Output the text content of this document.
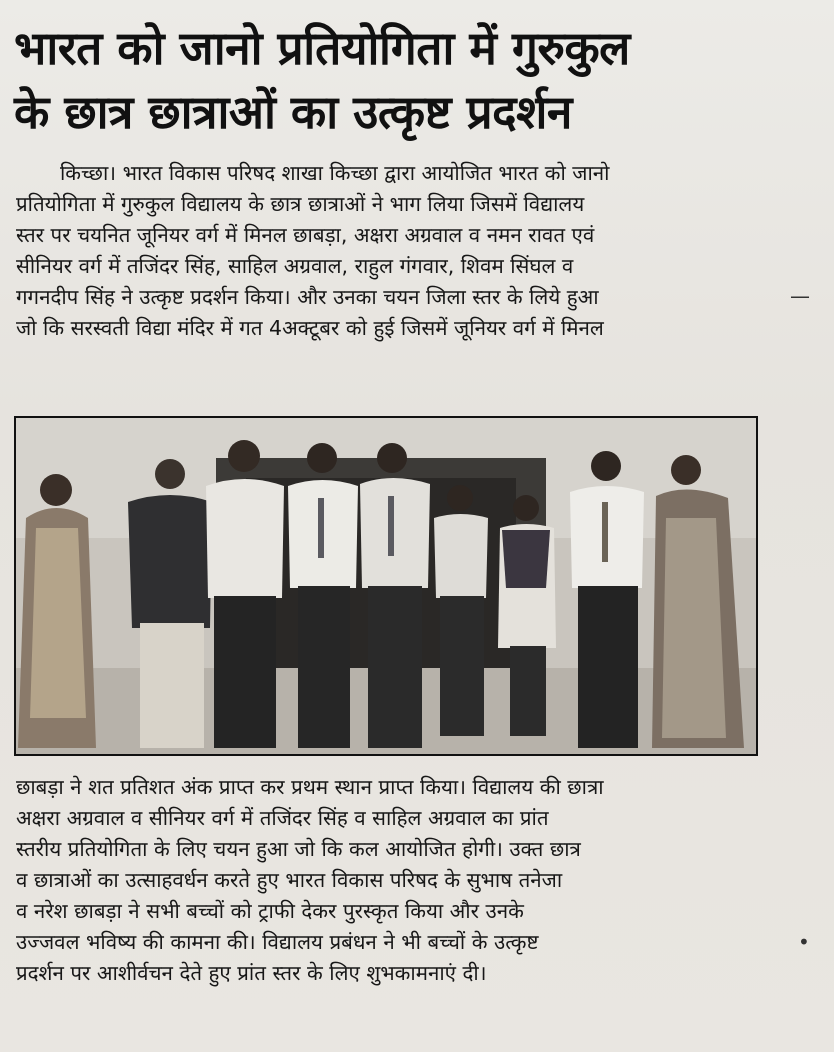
भारत को जानो प्रतियोगिता में गुरुकुल
के छात्र छात्राओं का उत्कृष्ट प्रदर्शन
किच्छा। भारत विकास परिषद शाखा किच्छा द्वारा आयोजित भारत को जानो
प्रतियोगिता में गुरुकुल विद्यालय के छात्र छात्राओं ने भाग लिया जिसमें विद्यालय
स्तर पर चयनित जूनियर वर्ग में मिनल छाबड़ा, अक्षरा अग्रवाल व नमन रावत एवं
सीनियर वर्ग में तजिंदर सिंह, साहिल अग्रवाल, राहुल गंगवार, शिवम सिंघल व
गगनदीप सिंह ने उत्कृष्ट प्रदर्शन किया। और उनका चयन जिला स्तर के लिये हुआ
जो कि सरस्वती विद्या मंदिर में गत 4अक्टूबर को हुई जिसमें जूनियर वर्ग में मिनल
छाबड़ा ने शत प्रतिशत अंक प्राप्त कर प्रथम स्थान प्राप्त किया। विद्यालय की छात्रा
अक्षरा अग्रवाल व सीनियर वर्ग में तजिंदर सिंह व साहिल अग्रवाल का प्रांत
स्तरीय प्रतियोगिता के लिए चयन हुआ जो कि कल आयोजित होगी। उक्त छात्र
व छात्राओं का उत्साहवर्धन करते हुए भारत विकास परिषद के सुभाष तनेजा
व नरेश छाबड़ा ने सभी बच्चों को ट्राफी देकर पुरस्कृत किया और उनके
उज्जवल भविष्य की कामना की। विद्यालय प्रबंधन ने भी बच्चों के उत्कृष्ट
प्रदर्शन पर आशीर्वचन देते हुए प्रांत स्तर के लिए शुभकामनाएं दी।
—
•
